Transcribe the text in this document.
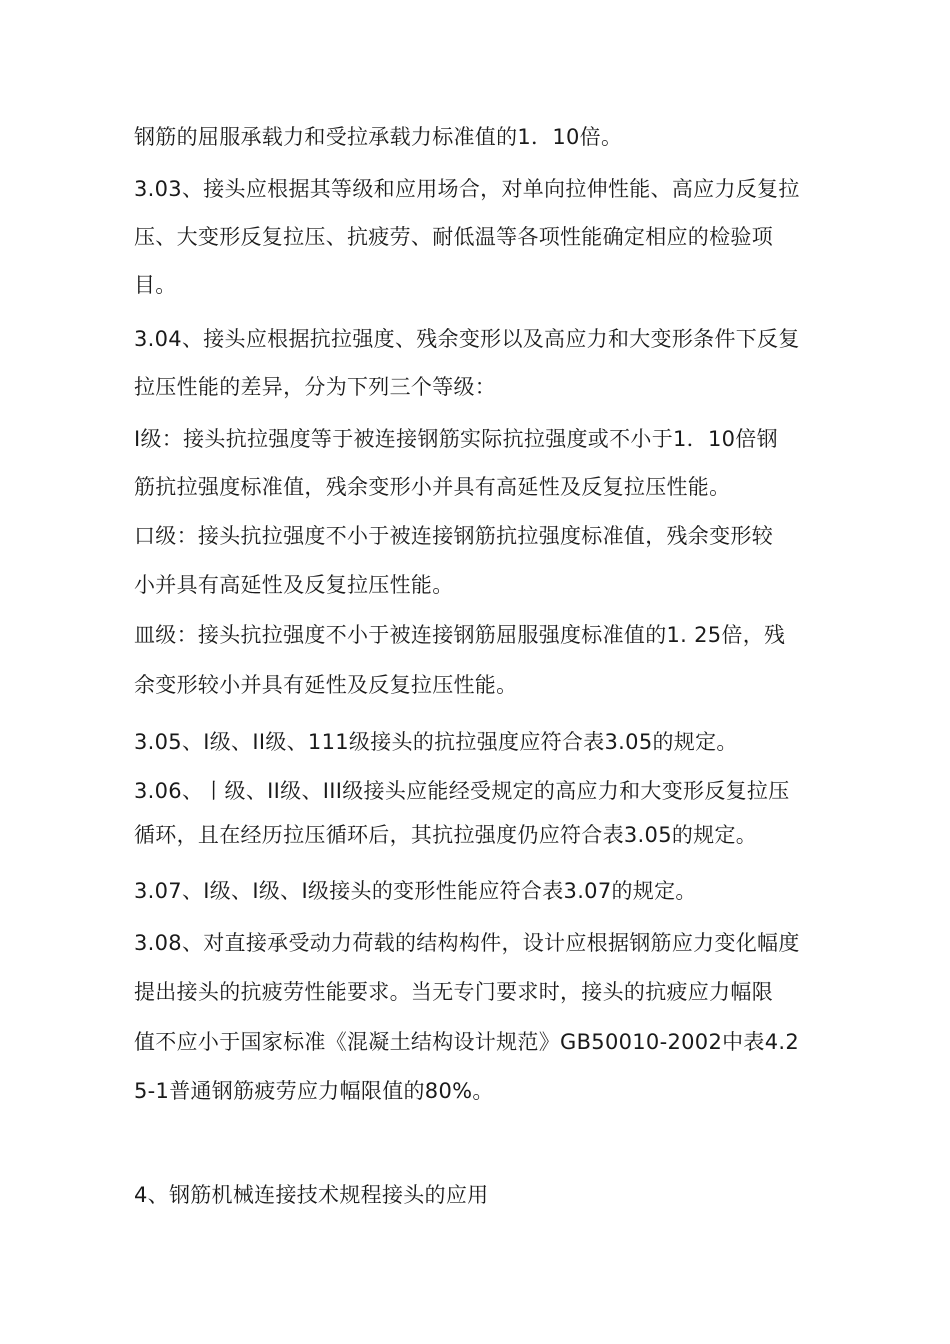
钢筋的屈服承载力和受拉承载力标准值的1．10倍。
3.03、接头应根据其等级和应用场合，对单向拉伸性能、高应力反复拉
压、大变形反复拉压、抗疲劳、耐低温等各项性能确定相应的检验项
目。
3.04、接头应根据抗拉强度、残余变形以及高应力和大变形条件下反复
拉压性能的差异，分为下列三个等级：
I级：接头抗拉强度等于被连接钢筋实际抗拉强度或不小于1．10倍钢
筋抗拉强度标准值，残余变形小并具有高延性及反复拉压性能。
口级：接头抗拉强度不小于被连接钢筋抗拉强度标准值，残余变形较
小并具有高延性及反复拉压性能。
皿级：接头抗拉强度不小于被连接钢筋屈服强度标准值的1. 25倍，残
余变形较小并具有延性及反复拉压性能。
3.05、I级、II级、111级接头的抗拉强度应符合表3.05的规定。
3.06、丨级、II级、III级接头应能经受规定的高应力和大变形反复拉压
循环，且在经历拉压循环后，其抗拉强度仍应符合表3.05的规定。
3.07、I级、I级、I级接头的变形性能应符合表3.07的规定。
3.08、对直接承受动力荷载的结构构件，设计应根据钢筋应力变化幅度
提出接头的抗疲劳性能要求。当无专门要求时，接头的抗疲应力幅限
值不应小于国家标准《混凝土结构设计规范》GB50010-2002中表4.2
5-1普通钢筋疲劳应力幅限值的80%。
4、钢筋机械连接技术规程接头的应用
